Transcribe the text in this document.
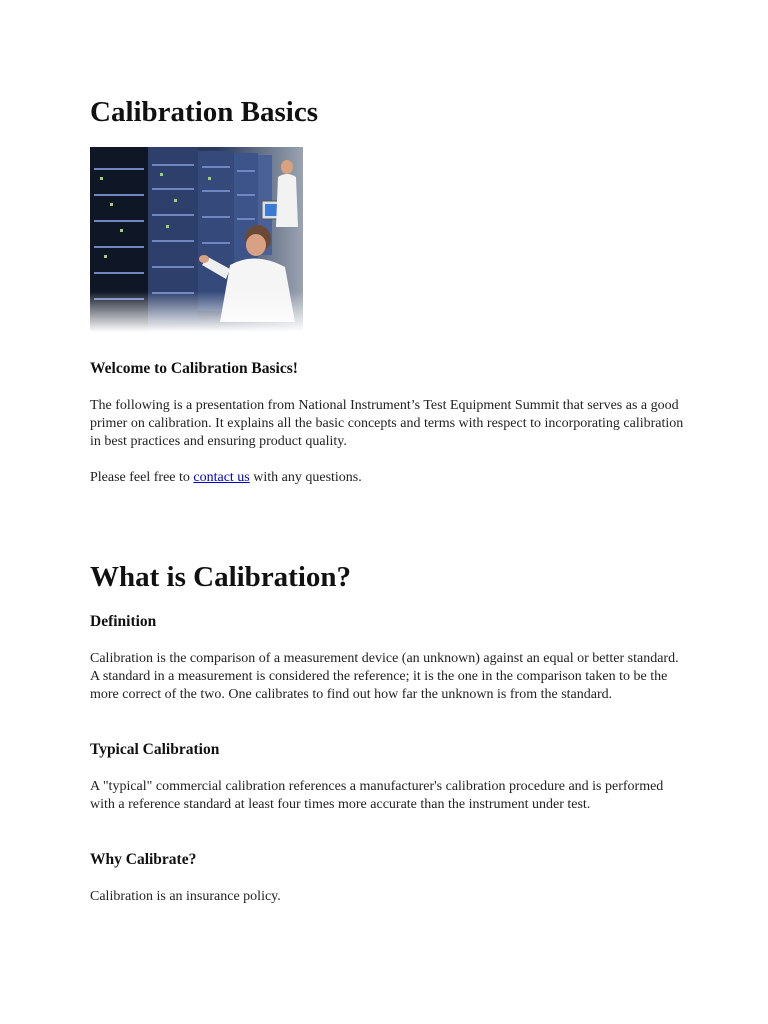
Calibration Basics
Welcome to Calibration Basics!

The following is a presentation from National Instrument’s Test Equipment Summit that serves as a good primer on calibration. It explains all the basic concepts and terms with respect to incorporating calibration in best practices and ensuring product quality.

Please feel free to contact us with any questions.

What is Calibration?
Definition

Calibration is the comparison of a measurement device (an unknown) against an equal or better standard. A standard in a measurement is considered the reference; it is the one in the comparison taken to be the more correct of the two. One calibrates to find out how far the unknown is from the standard.

Typical Calibration

A "typical" commercial calibration references a manufacturer's calibration procedure and is performed with a reference standard at least four times more accurate than the instrument under test.

Why Calibrate?

Calibration is an insurance policy.
